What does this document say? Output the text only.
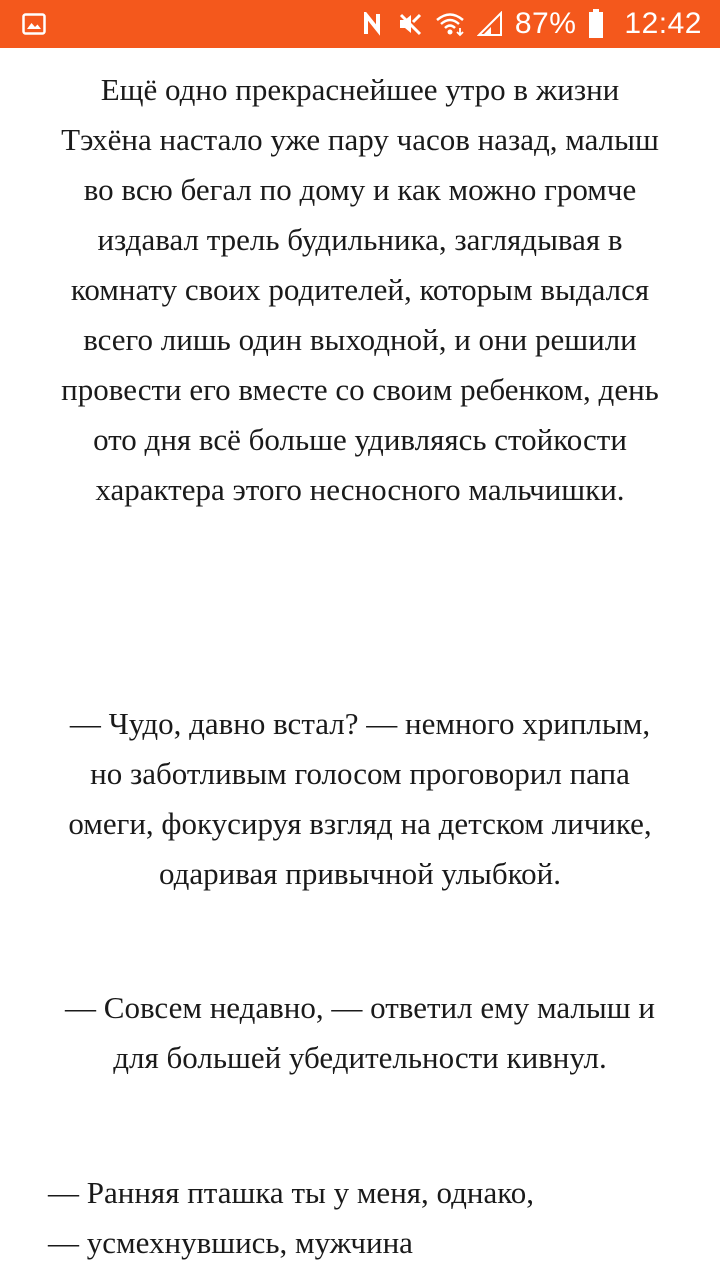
87% 12:42

Ещё одно прекраснейшее утро в жизни Тэхёна настало уже пару часов назад, малыш во всю бегал по дому и как можно громче издавал трель будильника, заглядывая в комнату своих родителей, которым выдался всего лишь один выходной, и они решили провести его вместе со своим ребенком, день ото дня всё больше удивляясь стойкости характера этого несносного мальчишки.

— Чудо, давно встал? — немного хриплым, но заботливым голосом проговорил папа омеги, фокусируя взгляд на детском личике, одаривая привычной улыбкой.

— Совсем недавно, — ответил ему малыш и для большей убедительности кивнул.

— Ранняя пташка ты у меня, однако, — усмехнувшись, мужчина
